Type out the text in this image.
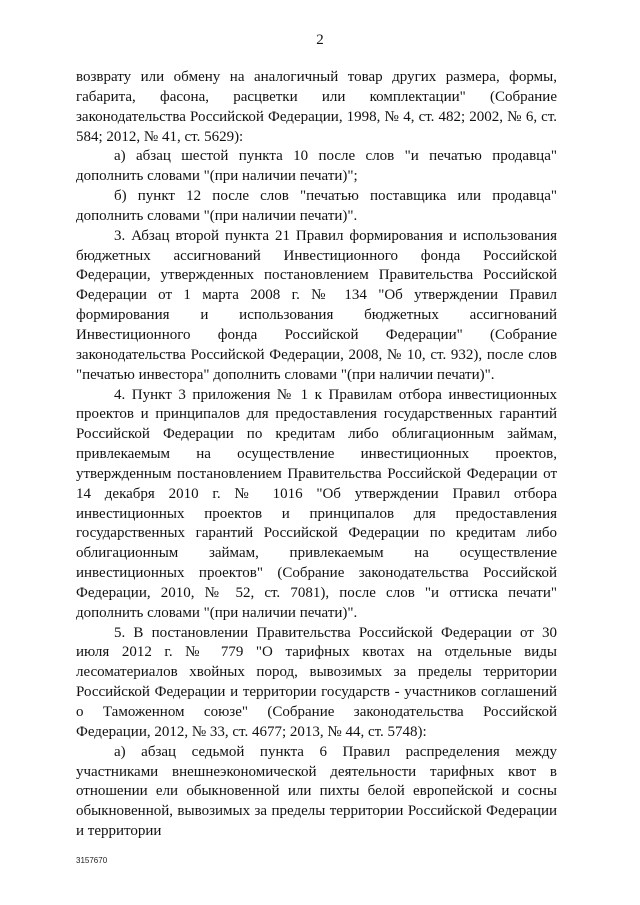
2

возврату или обмену на аналогичный товар других размера, формы, габарита, фасона, расцветки или комплектации" (Собрание законодательства Российской Федерации, 1998, № 4, ст. 482; 2002, № 6, ст. 584; 2012, № 41, ст. 5629):

а) абзац шестой пункта 10 после слов "и печатью продавца" дополнить словами "(при наличии печати)";

б) пункт 12 после слов "печатью поставщика или продавца" дополнить словами "(при наличии печати)".

3. Абзац второй пункта 21 Правил формирования и использования бюджетных ассигнований Инвестиционного фонда Российской Федерации, утвержденных постановлением Правительства Российской Федерации от 1 марта 2008 г. № 134 "Об утверждении Правил формирования и использования бюджетных ассигнований Инвестиционного фонда Российской Федерации" (Собрание законодательства Российской Федерации, 2008, № 10, ст. 932), после слов "печатью инвестора" дополнить словами "(при наличии печати)".

4. Пункт 3 приложения № 1 к Правилам отбора инвестиционных проектов и принципалов для предоставления государственных гарантий Российской Федерации по кредитам либо облигационным займам, привлекаемым на осуществление инвестиционных проектов, утвержденным постановлением Правительства Российской Федерации от 14 декабря 2010 г. № 1016 "Об утверждении Правил отбора инвестиционных проектов и принципалов для предоставления государственных гарантий Российской Федерации по кредитам либо облигационным займам, привлекаемым на осуществление инвестиционных проектов" (Собрание законодательства Российской Федерации, 2010, № 52, ст. 7081), после слов "и оттиска печати" дополнить словами "(при наличии печати)".

5. В постановлении Правительства Российской Федерации от 30 июля 2012 г. № 779 "О тарифных квотах на отдельные виды лесоматериалов хвойных пород, вывозимых за пределы территории Российской Федерации и территории государств - участников соглашений о Таможенном союзе" (Собрание законодательства Российской Федерации, 2012, № 33, ст. 4677; 2013, № 44, ст. 5748):

а) абзац седьмой пункта 6 Правил распределения между участниками внешнеэкономической деятельности тарифных квот в отношении ели обыкновенной или пихты белой европейской и сосны обыкновенной, вывозимых за пределы территории Российской Федерации и территории

3157670
